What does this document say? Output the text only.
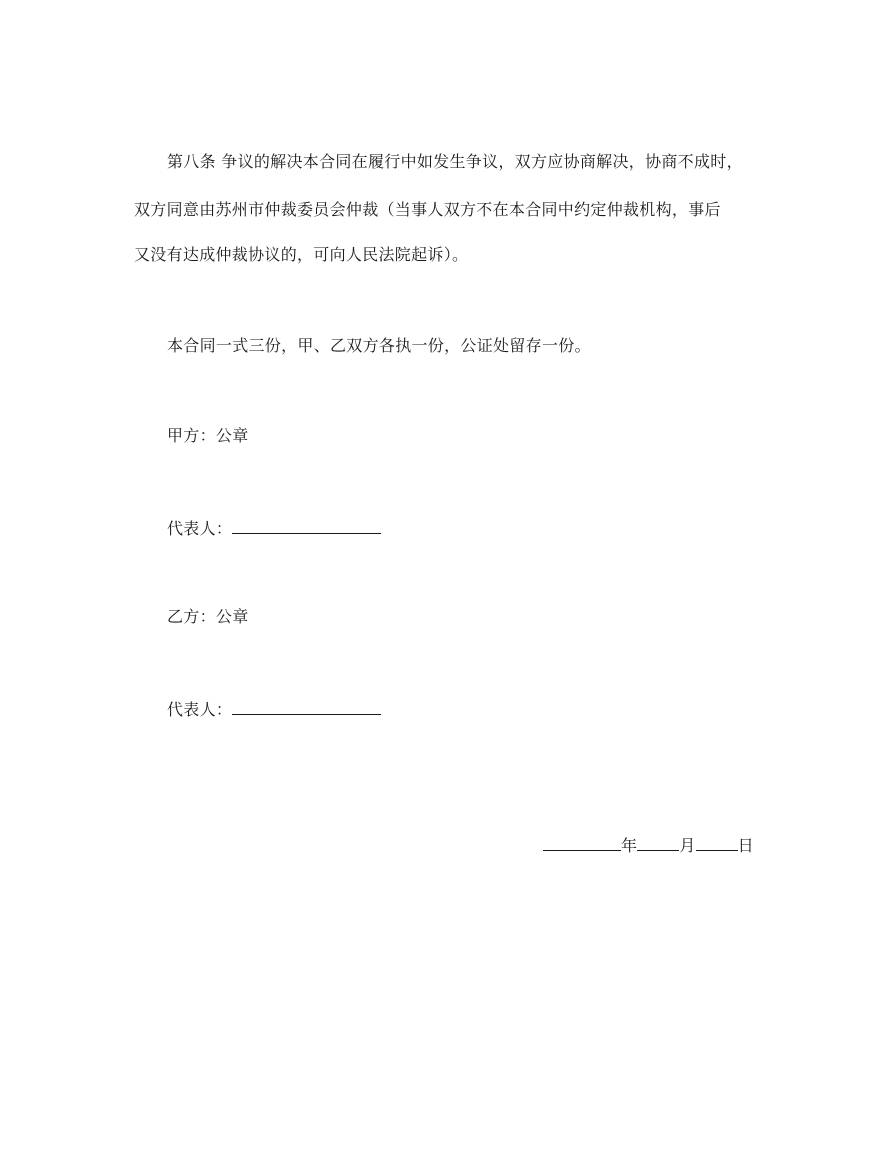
第八条 争议的解决本合同在履行中如发生争议，双方应协商解决，协商不成时，
双方同意由苏州市仲裁委员会仲裁（当事人双方不在本合同中约定仲裁机构，事后
又没有达成仲裁协议的，可向人民法院起诉）。
本合同一式三份，甲、乙双方各执一份，公证处留存一份。
甲方：公章
代表人：
乙方：公章
代表人：
年	月	日
